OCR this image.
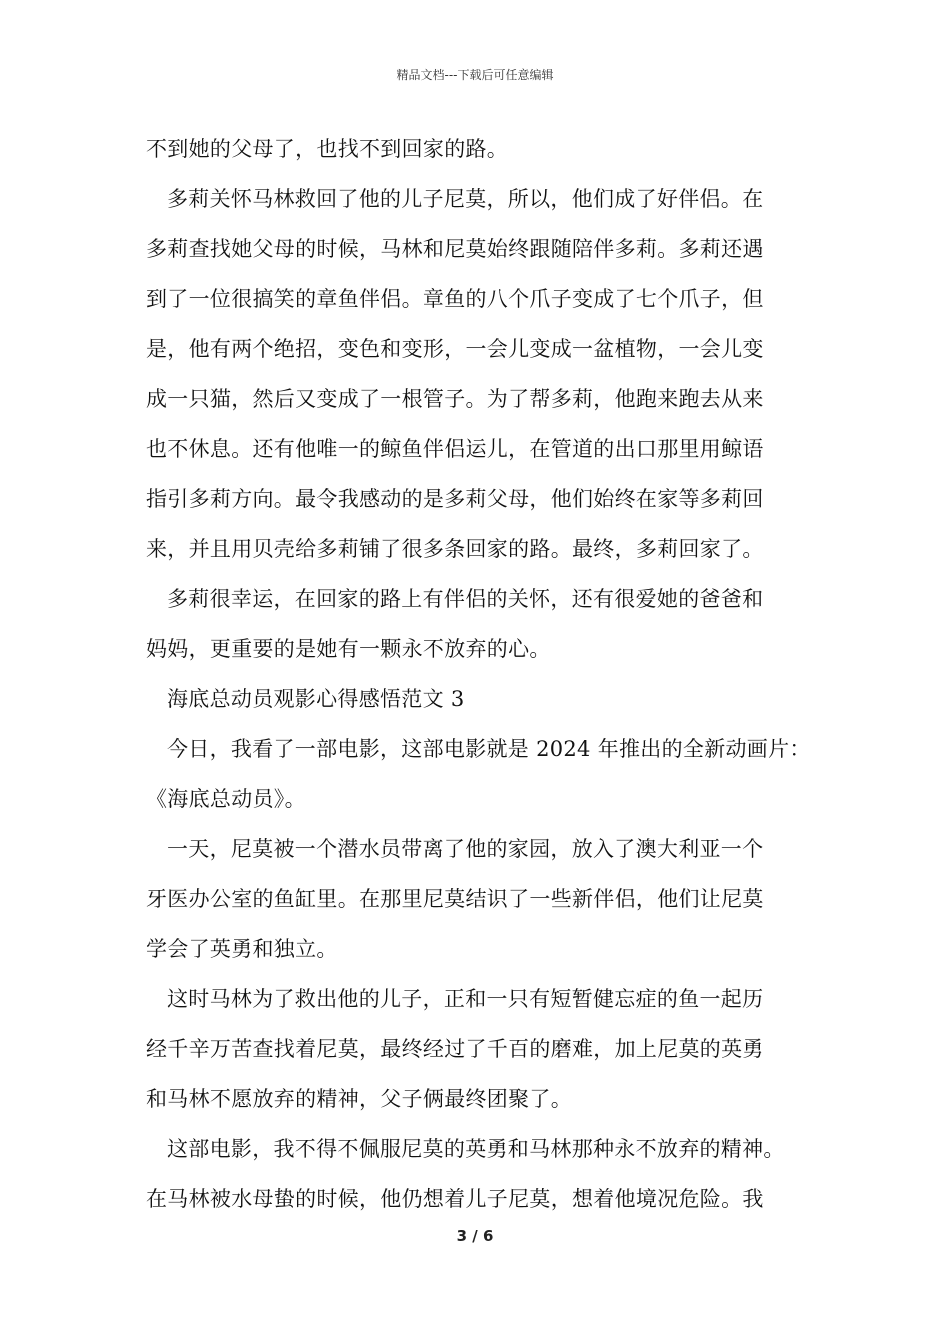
精品文档---下载后可任意编辑
不到她的父母了，也找不到回家的路。
多莉关怀马林救回了他的儿子尼莫，所以，他们成了好伴侣。在
多莉查找她父母的时候，马林和尼莫始终跟随陪伴多莉。多莉还遇
到了一位很搞笑的章鱼伴侣。章鱼的八个爪子变成了七个爪子，但
是，他有两个绝招，变色和变形，一会儿变成一盆植物，一会儿变
成一只猫，然后又变成了一根管子。为了帮多莉，他跑来跑去从来
也不休息。还有他唯一的鲸鱼伴侣运儿，在管道的出口那里用鲸语
指引多莉方向。最令我感动的是多莉父母，他们始终在家等多莉回
来，并且用贝壳给多莉铺了很多条回家的路。最终，多莉回家了。
多莉很幸运，在回家的路上有伴侣的关怀，还有很爱她的爸爸和
妈妈，更重要的是她有一颗永不放弃的心。
海底总动员观影心得感悟范文 3
今日，我看了一部电影，这部电影就是 2024 年推出的全新动画片：
《海底总动员》。
一天，尼莫被一个潜水员带离了他的家园，放入了澳大利亚一个
牙医办公室的鱼缸里。在那里尼莫结识了一些新伴侣，他们让尼莫
学会了英勇和独立。
这时马林为了救出他的儿子，正和一只有短暂健忘症的鱼一起历
经千辛万苦查找着尼莫，最终经过了千百的磨难，加上尼莫的英勇
和马林不愿放弃的精神，父子俩最终团聚了。
这部电影，我不得不佩服尼莫的英勇和马林那种永不放弃的精神。
在马林被水母蛰的时候，他仍想着儿子尼莫，想着他境况危险。我
3 / 6
